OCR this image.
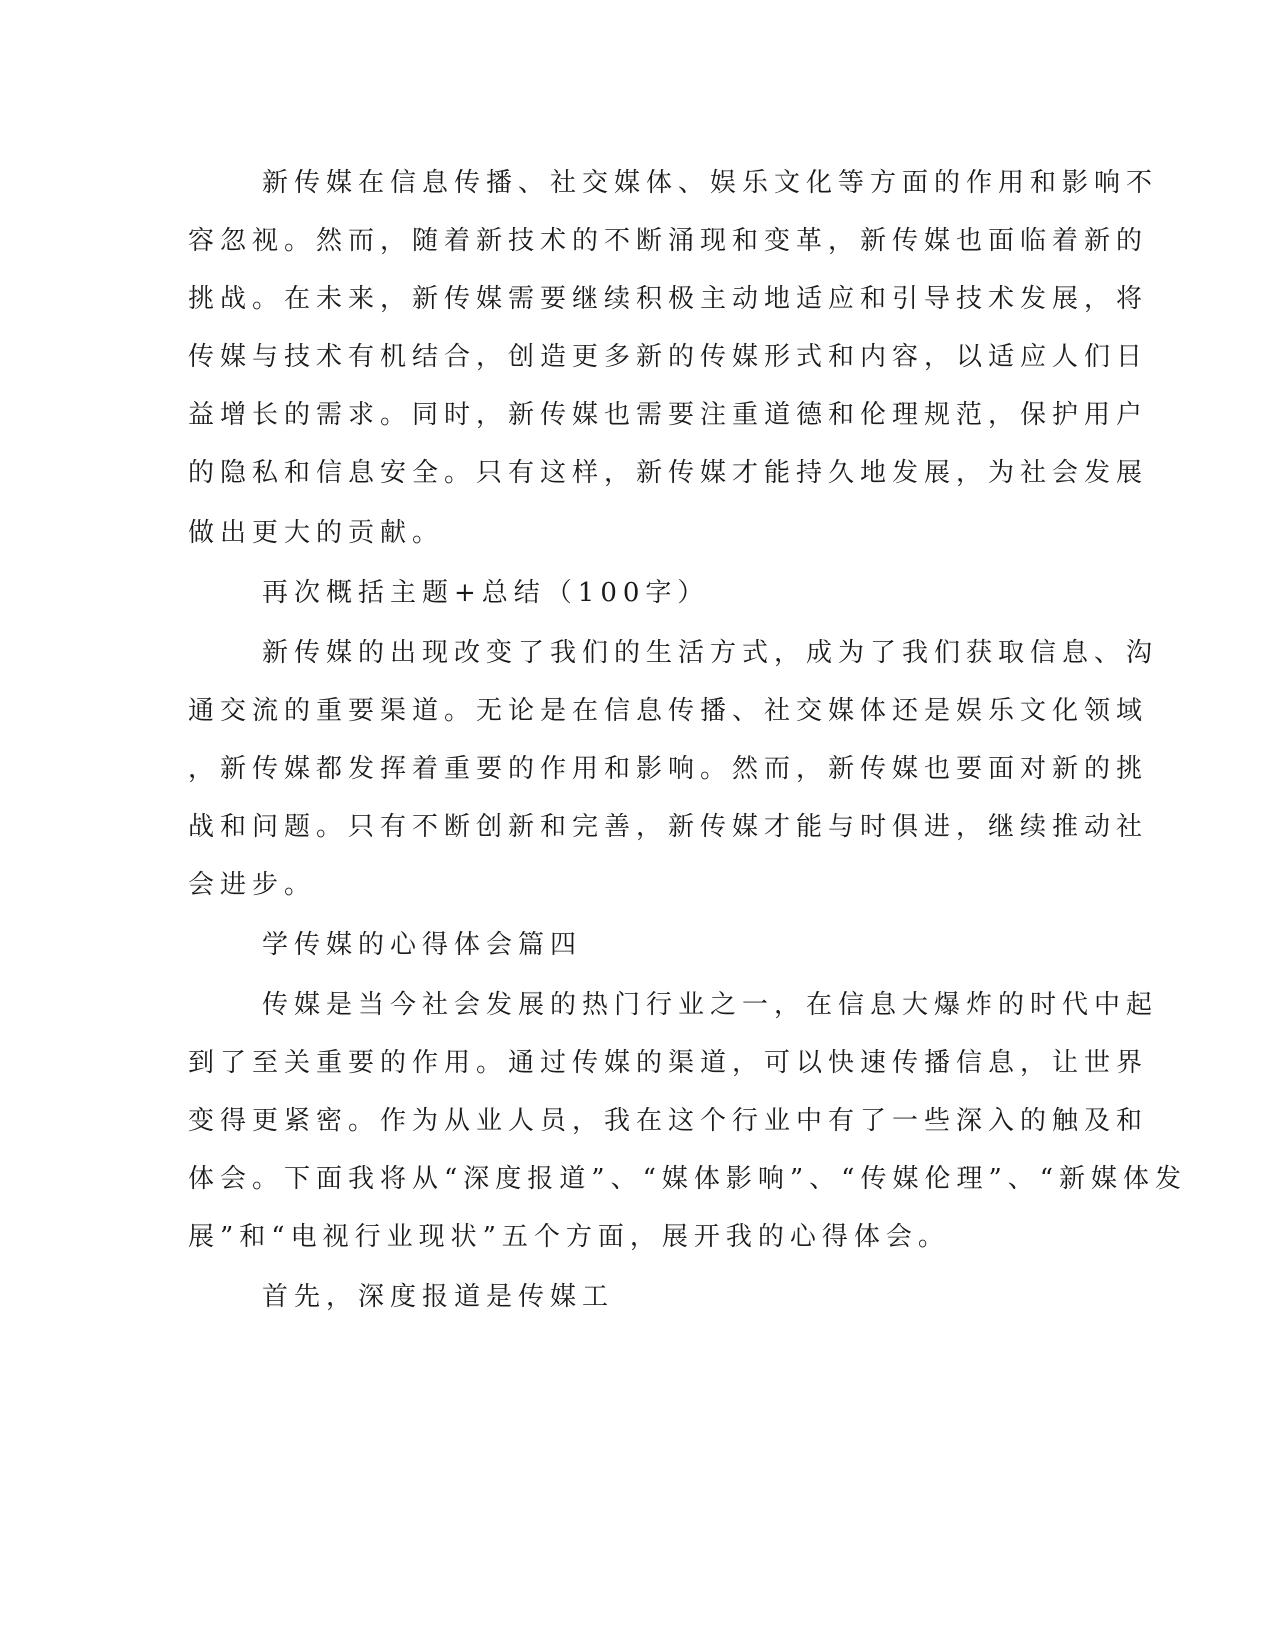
新传媒在信息传播、社交媒体、娱乐文化等方面的作用和影响不
容忽视。然而，随着新技术的不断涌现和变革，新传媒也面临着新的
挑战。在未来，新传媒需要继续积极主动地适应和引导技术发展，将
传媒与技术有机结合，创造更多新的传媒形式和内容，以适应人们日
益增长的需求。同时，新传媒也需要注重道德和伦理规范，保护用户
的隐私和信息安全。只有这样，新传媒才能持久地发展，为社会发展
做出更大的贡献。
再次概括主题+总结（100字）
新传媒的出现改变了我们的生活方式，成为了我们获取信息、沟
通交流的重要渠道。无论是在信息传播、社交媒体还是娱乐文化领域
，新传媒都发挥着重要的作用和影响。然而，新传媒也要面对新的挑
战和问题。只有不断创新和完善，新传媒才能与时俱进，继续推动社
会进步。
学传媒的心得体会篇四
传媒是当今社会发展的热门行业之一，在信息大爆炸的时代中起
到了至关重要的作用。通过传媒的渠道，可以快速传播信息，让世界
变得更紧密。作为从业人员，我在这个行业中有了一些深入的触及和
体会。下面我将从“深度报道”、“媒体影响”、“传媒伦理”、“新媒体发
展”和“电视行业现状”五个方面，展开我的心得体会。
首先，深度报道是传媒工
